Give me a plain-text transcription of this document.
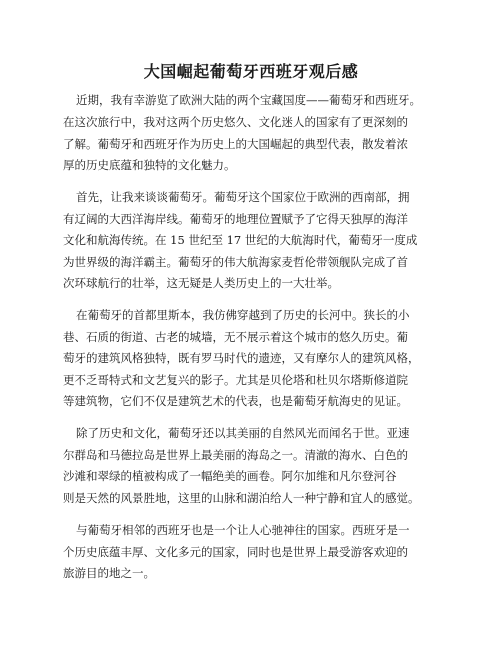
大国崛起葡萄牙西班牙观后感
近期，我有幸游览了欧洲大陆的两个宝藏国度——葡萄牙和西班牙。
在这次旅行中，我对这两个历史悠久、文化迷人的国家有了更深刻的
了解。葡萄牙和西班牙作为历史上的大国崛起的典型代表，散发着浓
厚的历史底蕴和独特的文化魅力。
首先，让我来谈谈葡萄牙。葡萄牙这个国家位于欧洲的西南部，拥
有辽阔的大西洋海岸线。葡萄牙的地理位置赋予了它得天独厚的海洋
文化和航海传统。在 15 世纪至 17 世纪的大航海时代，葡萄牙一度成
为世界级的海洋霸主。葡萄牙的伟大航海家麦哲伦带领舰队完成了首
次环球航行的壮举，这无疑是人类历史上的一大壮举。
在葡萄牙的首都里斯本，我仿佛穿越到了历史的长河中。狭长的小
巷、石质的街道、古老的城墙，无不展示着这个城市的悠久历史。葡
萄牙的建筑风格独特，既有罗马时代的遗迹，又有摩尔人的建筑风格，
更不乏哥特式和文艺复兴的影子。尤其是贝伦塔和杜贝尔塔斯修道院
等建筑物，它们不仅是建筑艺术的代表，也是葡萄牙航海史的见证。
除了历史和文化，葡萄牙还以其美丽的自然风光而闻名于世。亚速
尔群岛和马德拉岛是世界上最美丽的海岛之一。清澈的海水、白色的
沙滩和翠绿的植被构成了一幅绝美的画卷。阿尔加维和凡尔登河谷
则是天然的风景胜地，这里的山脉和湖泊给人一种宁静和宜人的感觉。
与葡萄牙相邻的西班牙也是一个让人心驰神往的国家。西班牙是一
个历史底蕴丰厚、文化多元的国家，同时也是世界上最受游客欢迎的
旅游目的地之一。
